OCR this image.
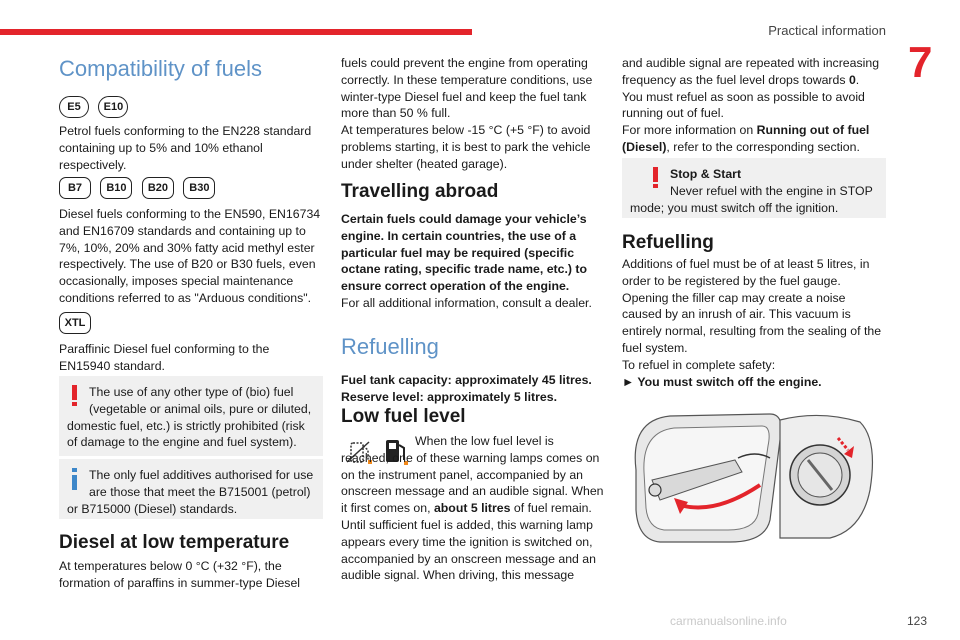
Practical information
7
Compatibility of fuels
E5 E10

Petrol fuels conforming to the EN228 standard containing up to 5% and 10% ethanol respectively.

B7 B10 B20 B30

Diesel fuels conforming to the EN590, EN16734 and EN16709 standards and containing up to 7%, 10%, 20% and 30% fatty acid methyl ester respectively. The use of B20 or B30 fuels, even occasionally, imposes special maintenance conditions referred to as "Arduous conditions".

XTL

Paraffinic Diesel fuel conforming to the EN15940 standard.

The use of any other type of (bio) fuel (vegetable or animal oils, pure or diluted, domestic fuel, etc.) is strictly prohibited (risk of damage to the engine and fuel system).

The only fuel additives authorised for use are those that meet the B715001 (petrol) or B715000 (Diesel) standards.

Diesel at low temperature

At temperatures below 0 °C (+32 °F), the formation of paraffins in summer-type Diesel

fuels could prevent the engine from operating correctly. In these temperature conditions, use winter-type Diesel fuel and keep the fuel tank more than 50 % full.

At temperatures below -15 °C (+5 °F) to avoid problems starting, it is best to park the vehicle under shelter (heated garage).

Travelling abroad

Certain fuels could damage your vehicle’s engine. In certain countries, the use of a particular fuel may be required (specific octane rating, specific trade name, etc.) to ensure correct operation of the engine.

For all additional information, consult a dealer.

Refuelling

Fuel tank capacity: approximately 45 litres.

Reserve level: approximately 5 litres.

Low fuel level

When the low fuel level is reached, one of these warning lamps comes on on the instrument panel, accompanied by an onscreen message and an audible signal. When it first comes on, about 5 litres of fuel remain.

Until sufficient fuel is added, this warning lamp appears every time the ignition is switched on, accompanied by an onscreen message and an audible signal. When driving, this message

and audible signal are repeated with increasing frequency as the fuel level drops towards 0.

You must refuel as soon as possible to avoid running out of fuel.

For more information on Running out of fuel (Diesel), refer to the corresponding section.

Stop & Start

Never refuel with the engine in STOP mode; you must switch off the ignition.

Refuelling

Additions of fuel must be of at least 5 litres, in order to be registered by the fuel gauge.

Opening the filler cap may create a noise caused by an inrush of air. This vacuum is entirely normal, resulting from the sealing of the fuel system.

To refuel in complete safety:

► You must switch off the engine.

carmanualsonline.info	123
